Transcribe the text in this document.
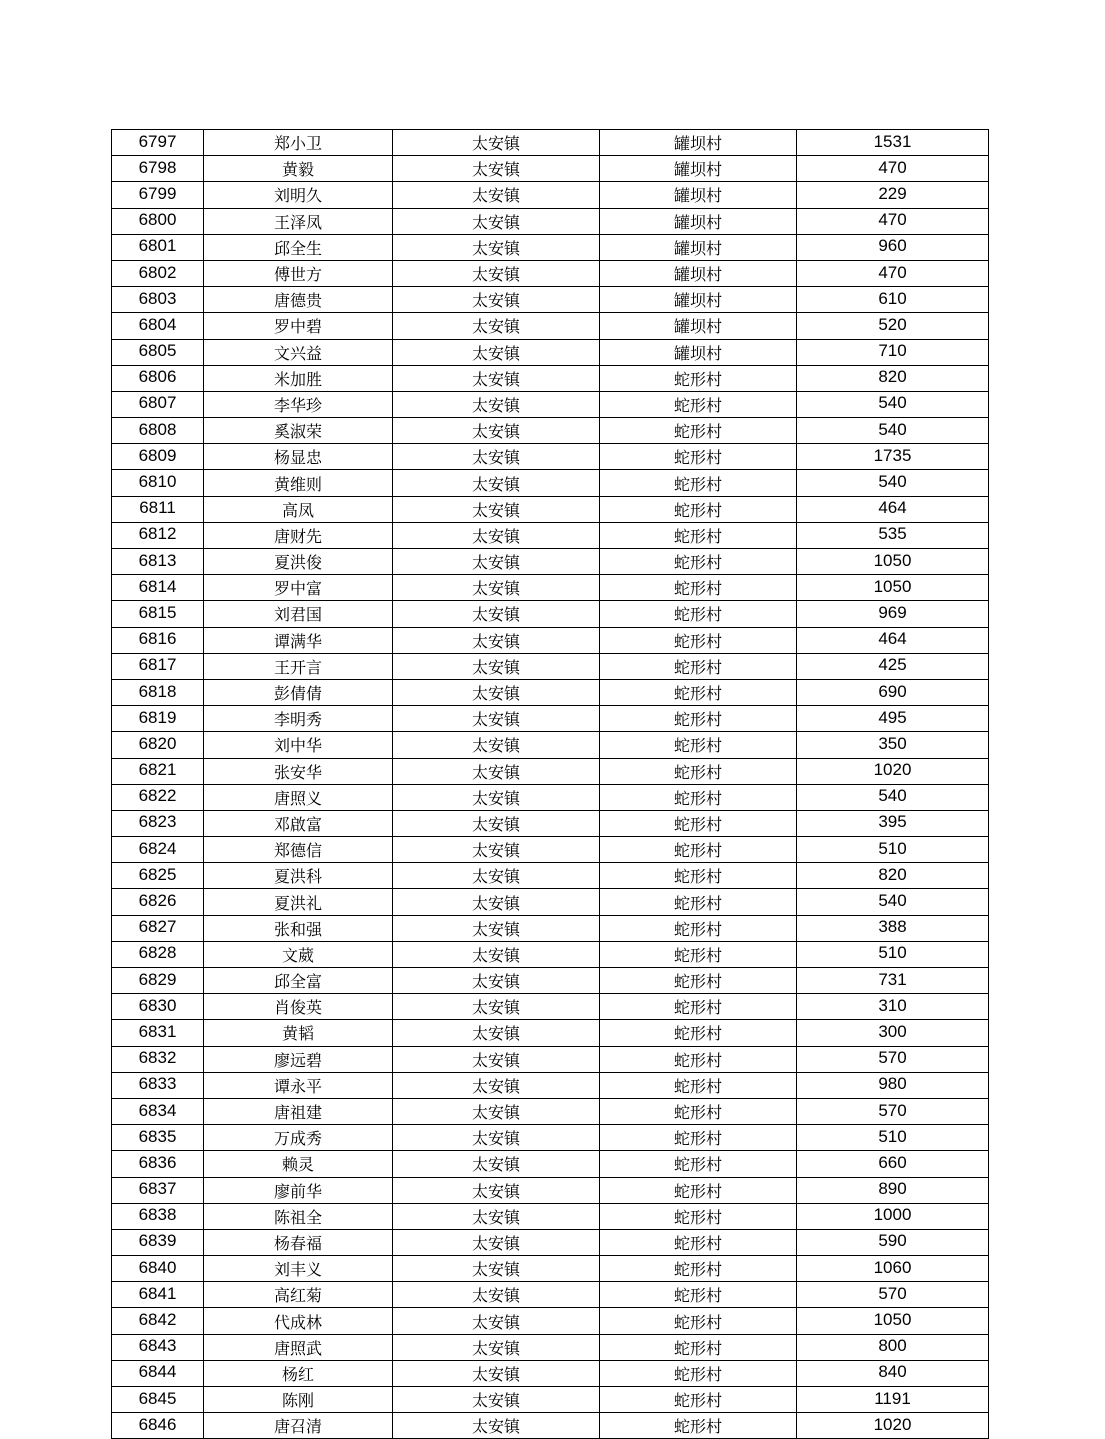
6797	郑小卫	太安镇	罐坝村	1531
6798	黄毅	太安镇	罐坝村	470
6799	刘明久	太安镇	罐坝村	229
6800	王泽凤	太安镇	罐坝村	470
6801	邱全生	太安镇	罐坝村	960
6802	傅世方	太安镇	罐坝村	470
6803	唐德贵	太安镇	罐坝村	610
6804	罗中碧	太安镇	罐坝村	520
6805	文兴益	太安镇	罐坝村	710
6806	米加胜	太安镇	蛇形村	820
6807	李华珍	太安镇	蛇形村	540
6808	奚淑荣	太安镇	蛇形村	540
6809	杨显忠	太安镇	蛇形村	1735
6810	黄维则	太安镇	蛇形村	540
6811	高凤	太安镇	蛇形村	464
6812	唐财先	太安镇	蛇形村	535
6813	夏洪俊	太安镇	蛇形村	1050
6814	罗中富	太安镇	蛇形村	1050
6815	刘君国	太安镇	蛇形村	969
6816	谭满华	太安镇	蛇形村	464
6817	王开言	太安镇	蛇形村	425
6818	彭倩倩	太安镇	蛇形村	690
6819	李明秀	太安镇	蛇形村	495
6820	刘中华	太安镇	蛇形村	350
6821	张安华	太安镇	蛇形村	1020
6822	唐照义	太安镇	蛇形村	540
6823	邓啟富	太安镇	蛇形村	395
6824	郑德信	太安镇	蛇形村	510
6825	夏洪科	太安镇	蛇形村	820
6826	夏洪礼	太安镇	蛇形村	540
6827	张和强	太安镇	蛇形村	388
6828	文葳	太安镇	蛇形村	510
6829	邱全富	太安镇	蛇形村	731
6830	肖俊英	太安镇	蛇形村	310
6831	黄韬	太安镇	蛇形村	300
6832	廖远碧	太安镇	蛇形村	570
6833	谭永平	太安镇	蛇形村	980
6834	唐祖建	太安镇	蛇形村	570
6835	万成秀	太安镇	蛇形村	510
6836	赖灵	太安镇	蛇形村	660
6837	廖前华	太安镇	蛇形村	890
6838	陈祖全	太安镇	蛇形村	1000
6839	杨春福	太安镇	蛇形村	590
6840	刘丰义	太安镇	蛇形村	1060
6841	高红菊	太安镇	蛇形村	570
6842	代成林	太安镇	蛇形村	1050
6843	唐照武	太安镇	蛇形村	800
6844	杨红	太安镇	蛇形村	840
6845	陈刚	太安镇	蛇形村	1191
6846	唐召清	太安镇	蛇形村	1020
